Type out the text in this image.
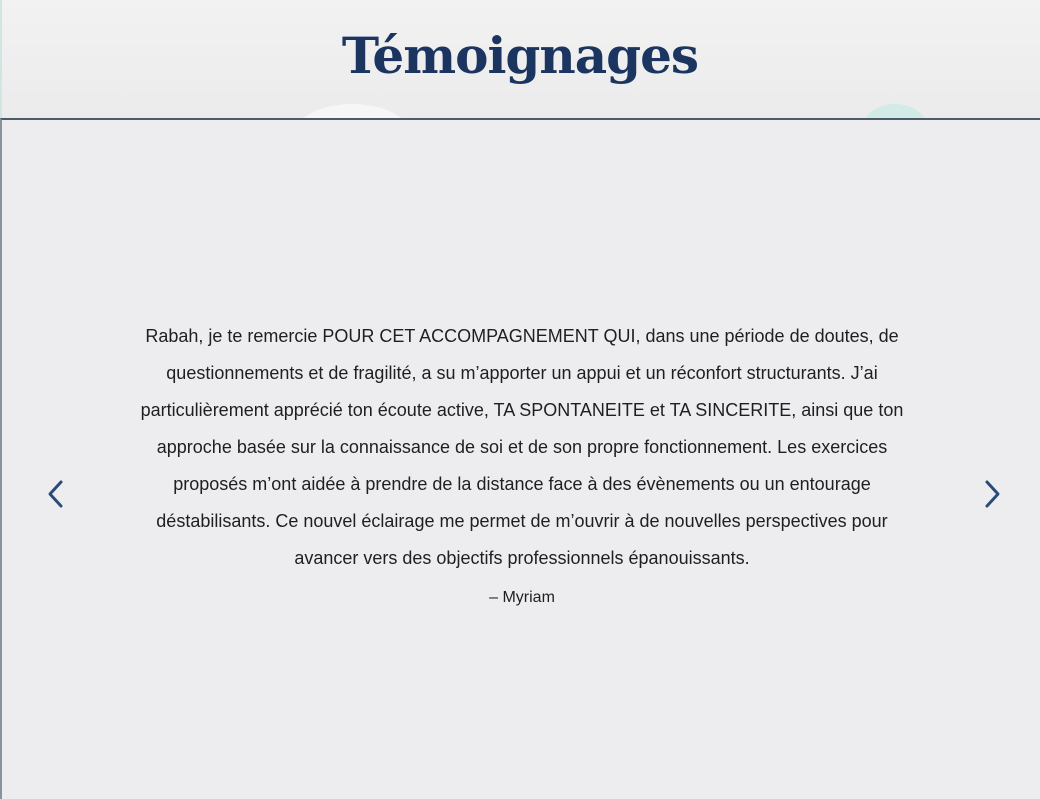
Témoignages

Rabah, je te remercie POUR CET ACCOMPAGNEMENT QUI, dans une période de doutes, de questionnements et de fragilité, a su m’apporter un appui et un réconfort structurants. J’ai particulièrement apprécié ton écoute active, TA SPONTANEITE et TA SINCERITE, ainsi que ton approche basée sur la connaissance de soi et de son propre fonctionnement. Les exercices proposés m’ont aidée à prendre de la distance face à des évènements ou un entourage déstabilisants. Ce nouvel éclairage me permet de m’ouvrir à de nouvelles perspectives pour avancer vers des objectifs professionnels épanouissants.

– Myriam
